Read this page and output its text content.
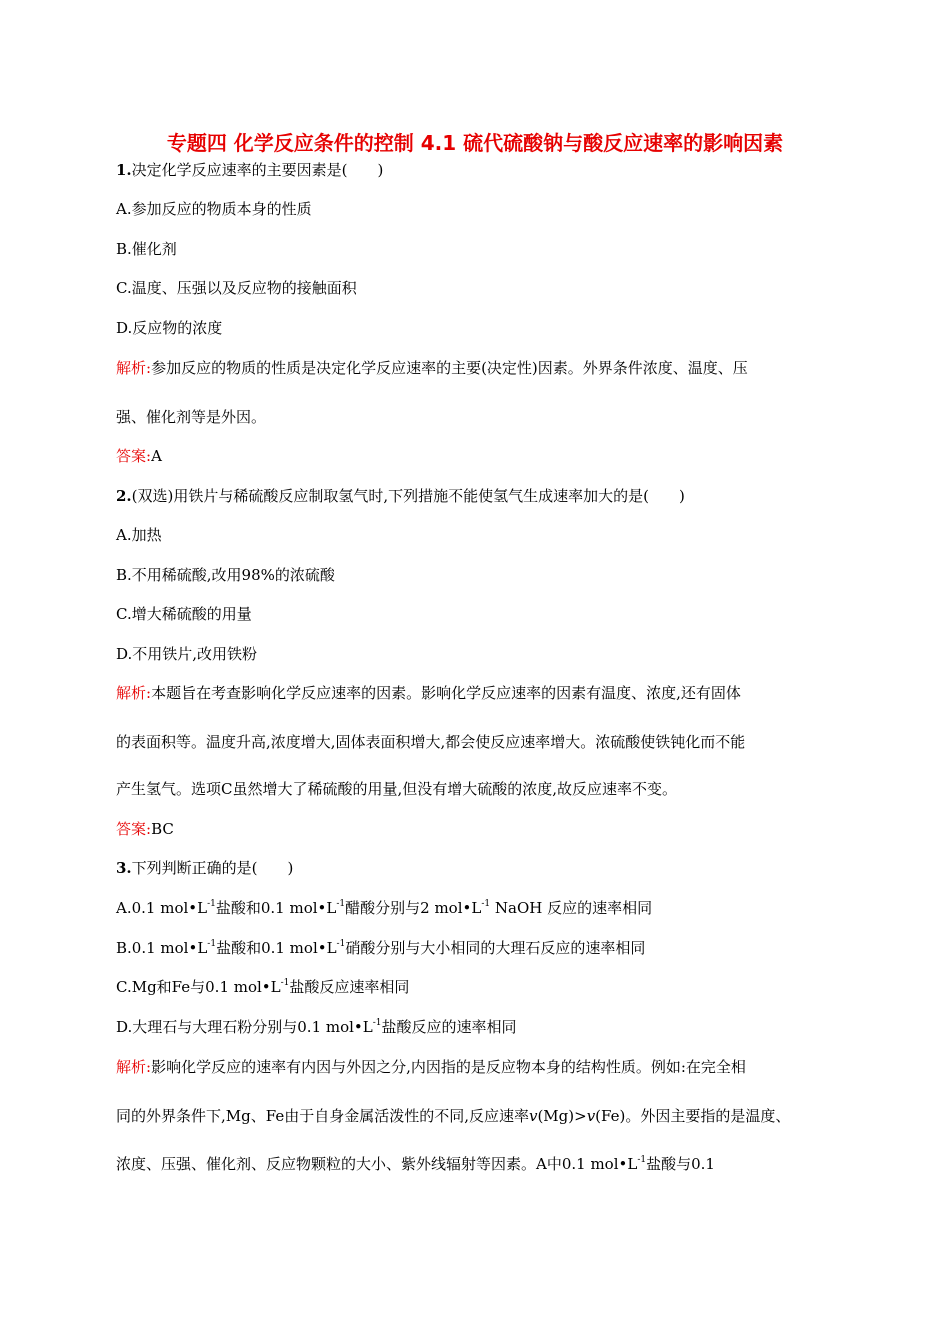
专题四 化学反应条件的控制 4.1 硫代硫酸钠与酸反应速率的影响因素
1.决定化学反应速率的主要因素是(　　)
A.参加反应的物质本身的性质
B.催化剂
C.温度、压强以及反应物的接触面积
D.反应物的浓度
解析:参加反应的物质的性质是决定化学反应速率的主要(决定性)因素。外界条件浓度、温度、压
强、催化剂等是外因。
答案:A
2.(双选)用铁片与稀硫酸反应制取氢气时,下列措施不能使氢气生成速率加大的是(　　)
A.加热
B.不用稀硫酸,改用98%的浓硫酸
C.增大稀硫酸的用量
D.不用铁片,改用铁粉
解析:本题旨在考查影响化学反应速率的因素。影响化学反应速率的因素有温度、浓度,还有固体
的表面积等。温度升高,浓度增大,固体表面积增大,都会使反应速率增大。浓硫酸使铁钝化而不能
产生氢气。选项C虽然增大了稀硫酸的用量,但没有增大硫酸的浓度,故反应速率不变。
答案:BC
3.下列判断正确的是(　　)
A.0.1 $mol•L^{-1}$盐酸和0.1 $mol•L^{-1}$醋酸分别与2 $mol•L^{-1}$ NaOH 反应的速率相同
B.0.1 $mol•L^{-1}$盐酸和0.1 $mol•L^{-1}$硝酸分别与大小相同的大理石反应的速率相同
C.Mg和Fe与0.1 $mol•L^{-1}$盐酸反应速率相同
D.大理石与大理石粉分别与0.1 $mol•L^{-1}$盐酸反应的速率相同
解析:影响化学反应的速率有内因与外因之分,内因指的是反应物本身的结构性质。例如:在完全相
同的外界条件下,Mg、Fe由于自身金属活泼性的不同,反应速率v(Mg)>v(Fe)。外因主要指的是温度、
浓度、压强、催化剂、反应物颗粒的大小、紫外线辐射等因素。A中0.1 $mol•L^{-1}$盐酸与0.1
